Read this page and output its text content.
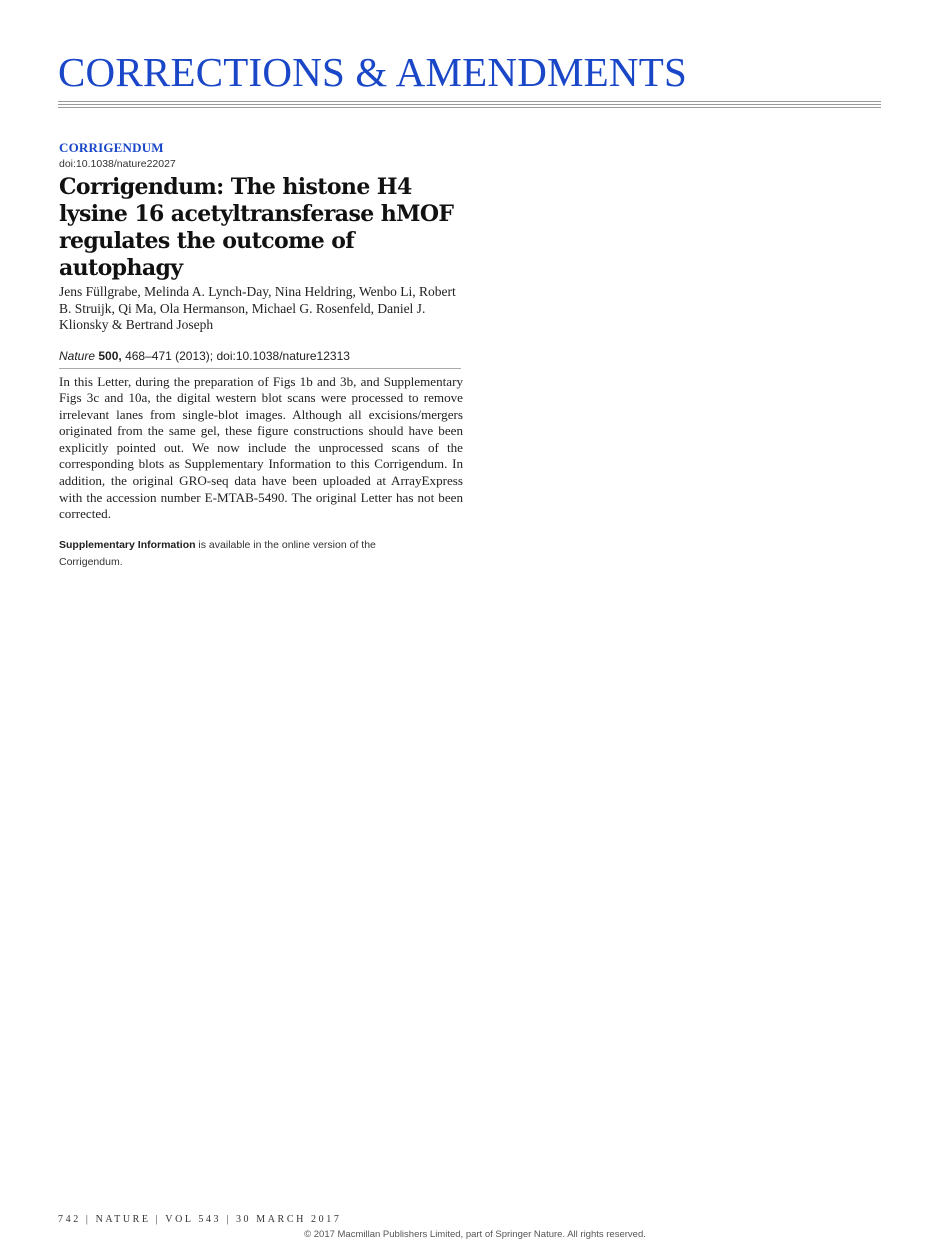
CORRECTIONS & AMENDMENTS
CORRIGENDUM
doi:10.1038/nature22027
Corrigendum: The histone H4 lysine 16 acetyltransferase hMOF regulates the outcome of autophagy
Jens Füllgrabe, Melinda A. Lynch-Day, Nina Heldring, Wenbo Li, Robert B. Struijk, Qi Ma, Ola Hermanson, Michael G. Rosenfeld, Daniel J. Klionsky & Bertrand Joseph
Nature 500, 468–471 (2013); doi:10.1038/nature12313
In this Letter, during the preparation of Figs 1b and 3b, and Supplementary Figs 3c and 10a, the digital western blot scans were processed to remove irrelevant lanes from single-blot images. Although all excisions/mergers originated from the same gel, these figure constructions should have been explicitly pointed out. We now include the unprocessed scans of the corresponding blots as Supplementary Information to this Corrigendum. In addition, the original GRO-seq data have been uploaded at ArrayExpress with the accession number E-MTAB-5490. The original Letter has not been corrected.
Supplementary Information is available in the online version of the Corrigendum.
742 | NATURE | VOL 543 | 30 MARCH 2017
© 2017 Macmillan Publishers Limited, part of Springer Nature. All rights reserved.
